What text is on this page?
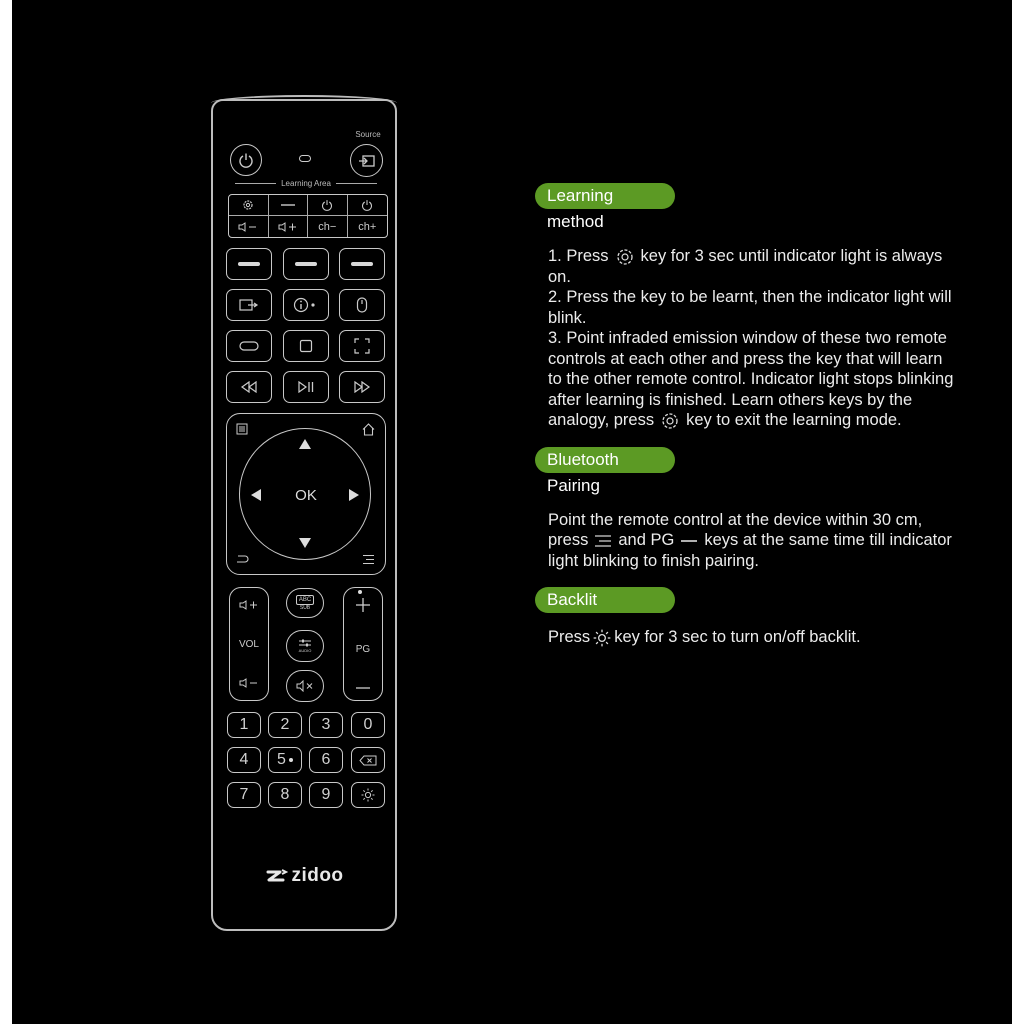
Source
Learning Area
ch−	ch+
OK
VOL
ABC
SUB
AUDIO	PG
1	2	3	0
4	5	6
7	8	9
zidoo
Learning method

1. Press key for 3 sec until indicator light is always on.

2. Press the key to be learnt, then the indicator light will blink.

3. Point infraded emission window of these two remote controls at each other and press the key that will learn to the other remote control. Indicator light stops blinking after learning is finished. Learn others keys by the analogy, press key to exit the learning mode.

Bluetooth Pairing

Point the remote control at the device within 30 cm, press and PG keys at the same time till indicator light blinking to finish pairing.

Backlit

Press key for 3 sec to turn on/off backlit.
